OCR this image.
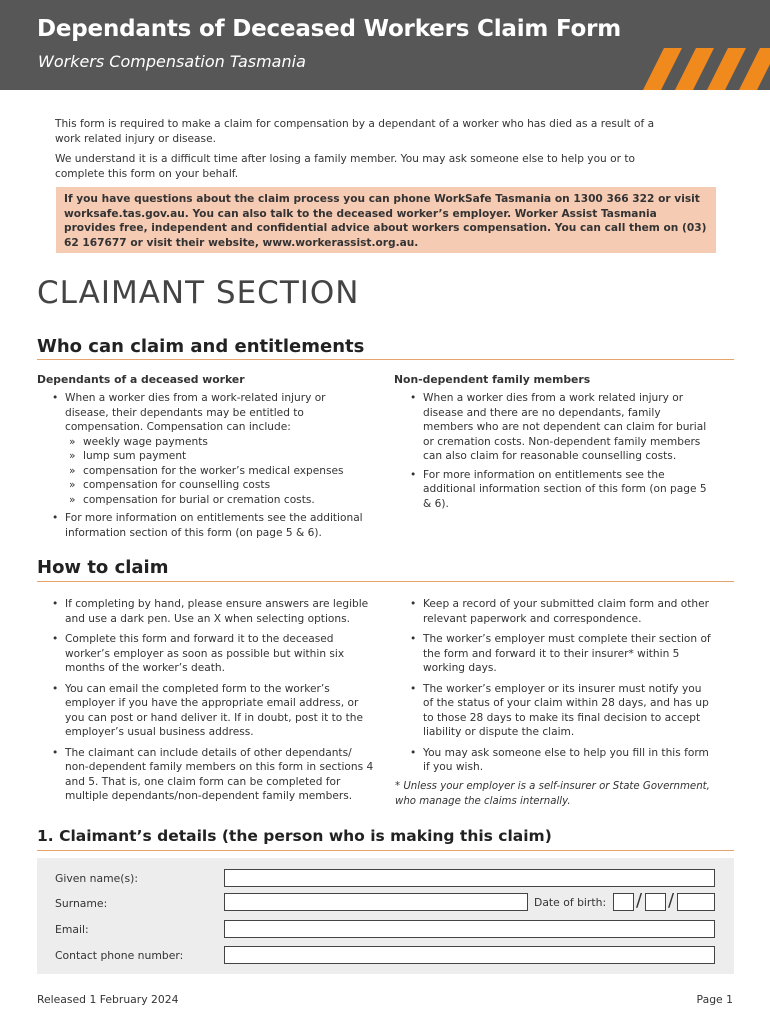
Dependants of Deceased Workers Claim Form
Workers Compensation Tasmania
This form is required to make a claim for compensation by a dependant of a worker who has died as a result of a work related injury or disease.
We understand it is a difficult time after losing a family member. You may ask someone else to help you or to complete this form on your behalf.
If you have questions about the claim process you can phone WorkSafe Tasmania on 1300 366 322 or visit worksafe.tas.gov.au. You can also talk to the deceased worker’s employer. Worker Assist Tasmania provides free, independent and confidential advice about workers compensation. You can call them on (03) 62 167677 or visit their website, www.workerassist.org.au.
CLAIMANT SECTION
Who can claim and entitlements
Dependants of a deceased worker
• When a worker dies from a work-related injury or disease, their dependants may be entitled to compensation. Compensation can include:
» weekly wage payments
» lump sum payment
» compensation for the worker’s medical expenses
» compensation for counselling costs
» compensation for burial or cremation costs.
• For more information on entitlements see the additional information section of this form (on page 5 & 6).
Non-dependent family members
• When a worker dies from a work related injury or disease and there are no dependants, family members who are not dependent can claim for burial or cremation costs. Non-dependent family members can also claim for reasonable counselling costs.
• For more information on entitlements see the additional information section of this form (on page 5 & 6).
How to claim
• If completing by hand, please ensure answers are legible and use a dark pen. Use an X when selecting options.
• Complete this form and forward it to the deceased worker’s employer as soon as possible but within six months of the worker’s death.
• You can email the completed form to the worker’s employer if you have the appropriate email address, or you can post or hand deliver it. If in doubt, post it to the employer’s usual business address.
• The claimant can include details of other dependants/ non-dependent family members on this form in sections 4 and 5. That is, one claim form can be completed for multiple dependants/non-dependent family members.
• Keep a record of your submitted claim form and other relevant paperwork and correspondence.
• The worker’s employer must complete their section of the form and forward it to their insurer* within 5 working days.
• The worker’s employer or its insurer must notify you of the status of your claim within 28 days, and has up to those 28 days to make its final decision to accept liability or dispute the claim.
• You may ask someone else to help you fill in this form if you wish.
* Unless your employer is a self-insurer or State Government, who manage the claims internally.
1. Claimant’s details (the person who is making this claim)
Given name(s):
Surname:	Date of birth: / /
Email:
Contact phone number:
Released 1 February 2024	Page 1
